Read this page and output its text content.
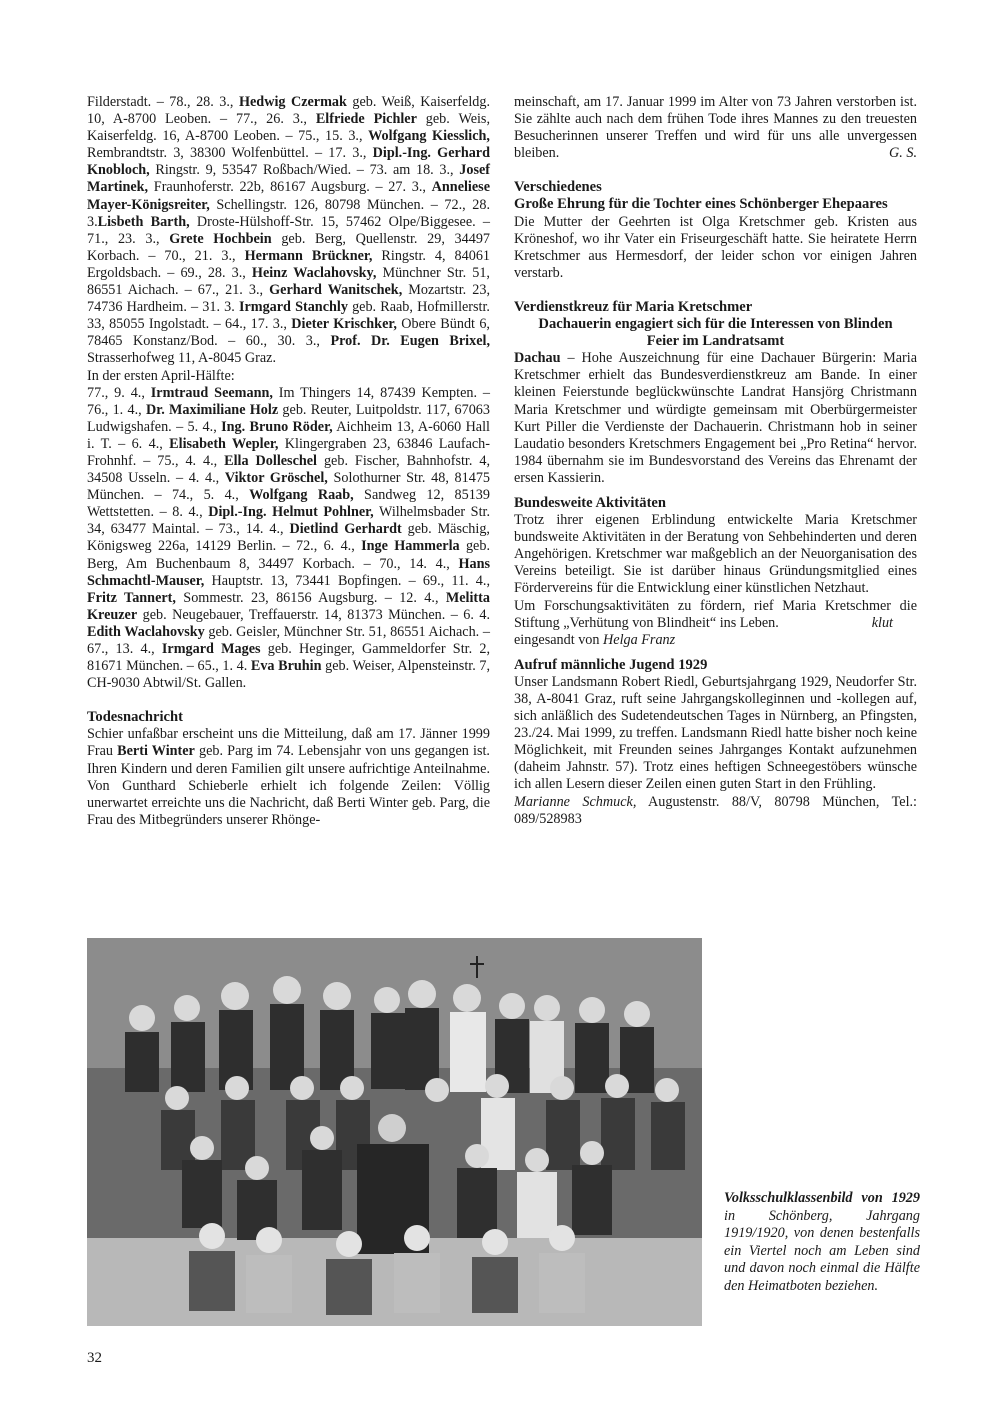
Filderstadt. – 78., 28. 3., Hedwig Czermak geb. Weiß, Kaiserfeldg. 10, A-8700 Leoben. – 77., 26. 3., Elfriede Pichler geb. Weis, Kaiserfeldg. 16, A-8700 Leoben. – 75., 15. 3., Wolfgang Kiesslich, Rembrandtstr. 3, 38300 Wolfenbüttel. – 17. 3., Dipl.-Ing. Gerhard Knobloch, Ringstr. 9, 53547 Roßbach/Wied. – 73. am 18. 3., Josef Martinek, Fraunhoferstr. 22b, 86167 Augsburg. – 27. 3., Anneliese Mayer-Königsreiter, Schellingstr. 126, 80798 München. – 72., 28. 3.Lisbeth Barth, Droste-Hülshoff-Str. 15, 57462 Olpe/Biggesee. – 71., 23. 3., Grete Hochbein geb. Berg, Quellenstr. 29, 34497 Korbach. – 70., 21. 3., Hermann Brückner, Ringstr. 4, 84061 Ergoldsbach. – 69., 28. 3., Heinz Waclahovsky, Münchner Str. 51, 86551 Aichach. – 67., 21. 3., Gerhard Wanitschek, Mozartstr. 23, 74736 Hardheim. – 31. 3. Irmgard Stanchly geb. Raab, Hofmillerstr. 33, 85055 Ingolstadt. – 64., 17. 3., Dieter Krischker, Obere Bündt 6, 78465 Konstanz/Bod. – 60., 30. 3., Prof. Dr. Eugen Brixel, Strasserhofweg 11, A-8045 Graz.

In der ersten April-Hälfte:

77., 9. 4., Irmtraud Seemann, Im Thingers 14, 87439 Kempten. – 76., 1. 4., Dr. Maximiliane Holz geb. Reuter, Luitpoldstr. 117, 67063 Ludwigshafen. – 5. 4., Ing. Bruno Röder, Aichheim 13, A-6060 Hall i. T. – 6. 4., Elisabeth Wepler, Klingergraben 23, 63846 Laufach-Frohnhf. – 75., 4. 4., Ella Dolleschel geb. Fischer, Bahnhofstr. 4, 34508 Usseln. – 4. 4., Viktor Gröschel, Solothurner Str. 48, 81475 München. – 74., 5. 4., Wolfgang Raab, Sandweg 12, 85139 Wettstetten. – 8. 4., Dipl.-Ing. Helmut Pohlner, Wilhelmsbader Str. 34, 63477 Maintal. – 73., 14. 4., Dietlind Gerhardt geb. Mäschig, Königsweg 226a, 14129 Berlin. – 72., 6. 4., Inge Hammerla geb. Berg, Am Buchenbaum 8, 34497 Korbach. – 70., 14. 4., Hans Schmachtl-Mauser, Hauptstr. 13, 73441 Bopfingen. – 69., 11. 4., Fritz Tannert, Sommestr. 23, 86156 Augsburg. – 12. 4., Melitta Kreuzer geb. Neugebauer, Treffauerstr. 14, 81373 München. – 6. 4. Edith Waclahovsky geb. Geisler, Münchner Str. 51, 86551 Aichach. – 67., 13. 4., Irmgard Mages geb. Heginger, Gammeldorfer Str. 2, 81671 München. – 65., 1. 4. Eva Bruhin geb. Weiser, Alpensteinstr. 7, CH-9030 Abtwil/St. Gallen.

Todesnachricht

Schier unfaßbar erscheint uns die Mitteilung, daß am 17. Jänner 1999 Frau Berti Winter geb. Parg im 74. Lebensjahr von uns gegangen ist. Ihren Kindern und deren Familien gilt unsere aufrichtige Anteilnahme. Von Gunthard Schieberle erhielt ich folgende Zeilen: Völlig unerwartet erreichte uns die Nachricht, daß Berti Winter geb. Parg, die Frau des Mitbegründers unserer Rhönge-

meinschaft, am 17. Januar 1999 im Alter von 73 Jahren verstorben ist. Sie zählte auch nach dem frühen Tode ihres Mannes zu den treuesten Besucherinnen unserer Treffen und wird für uns alle unvergessen bleiben.	G. S.
Verschiedenes
Große Ehrung für die Tochter eines Schönberger Ehepaares

Die Mutter der Geehrten ist Olga Kretschmer geb. Kristen aus Kröneshof, wo ihr Vater ein Friseurgeschäft hatte. Sie heiratete Herrn Kretschmer aus Hermesdorf, der leider schon vor einigen Jahren verstarb.

Verdienstkreuz für Maria Kretschmer

Dachauerin engagiert sich für die Interessen von Blinden

Feier im Landratsamt

Dachau – Hohe Auszeichnung für eine Dachauer Bürgerin: Maria Kretschmer erhielt das Bundesverdienstkreuz am Bande. In einer kleinen Feierstunde beglückwünschte Landrat Hansjörg Christmann Maria Kretschmer und würdigte gemeinsam mit Oberbürgermeister Kurt Piller die Verdienste der Dachauerin. Christmann hob in seiner Laudatio besonders Kretschmers Engagement bei „Pro Retina“ hervor. 1984 übernahm sie im Bundesvorstand des Vereins das Ehrenamt der ersen Kassierin.

Bundesweite Aktivitäten

Trotz ihrer eigenen Erblindung entwickelte Maria Kretschmer bundsweite Aktivitäten in der Beratung von Sehbehinderten und deren Angehörigen. Kretschmer war maßgeblich an der Neuorganisation des Vereins beteiligt. Sie ist darüber hinaus Gründungsmitglied eines Fördervereins für die Entwicklung einer künstlichen Netzhaut.

Um Forschungsaktivitäten zu fördern, rief Maria Kretschmer die Stiftung „Verhütung von Blindheit“ ins Leben.	klut

eingesandt von Helga Franz

Aufruf männliche Jugend 1929

Unser Landsmann Robert Riedl, Geburtsjahrgang 1929, Neudorfer Str. 38, A-8041 Graz, ruft seine Jahrgangskolleginnen und -kollegen auf, sich anläßlich des Sudetendeutschen Tages in Nürnberg, an Pfingsten, 23./24. Mai 1999, zu treffen. Landsmann Riedl hatte bisher noch keine Möglichkeit, mit Freunden seines Jahrganges Kontakt aufzunehmen (daheim Jahnstr. 57). Trotz eines heftigen Schneegestöbers wünsche ich allen Lesern dieser Zeilen einen guten Start in den Frühling.

Marianne Schmuck, Augustenstr. 88/V, 80798 München, Tel.: 089/528983

Volksschulklassenbild von 1929 in Schönberg, Jahrgang 1919/1920, von denen bestenfalls ein Viertel noch am Leben sind und davon noch einmal die Hälfte den Heimatboten beziehen.
32
